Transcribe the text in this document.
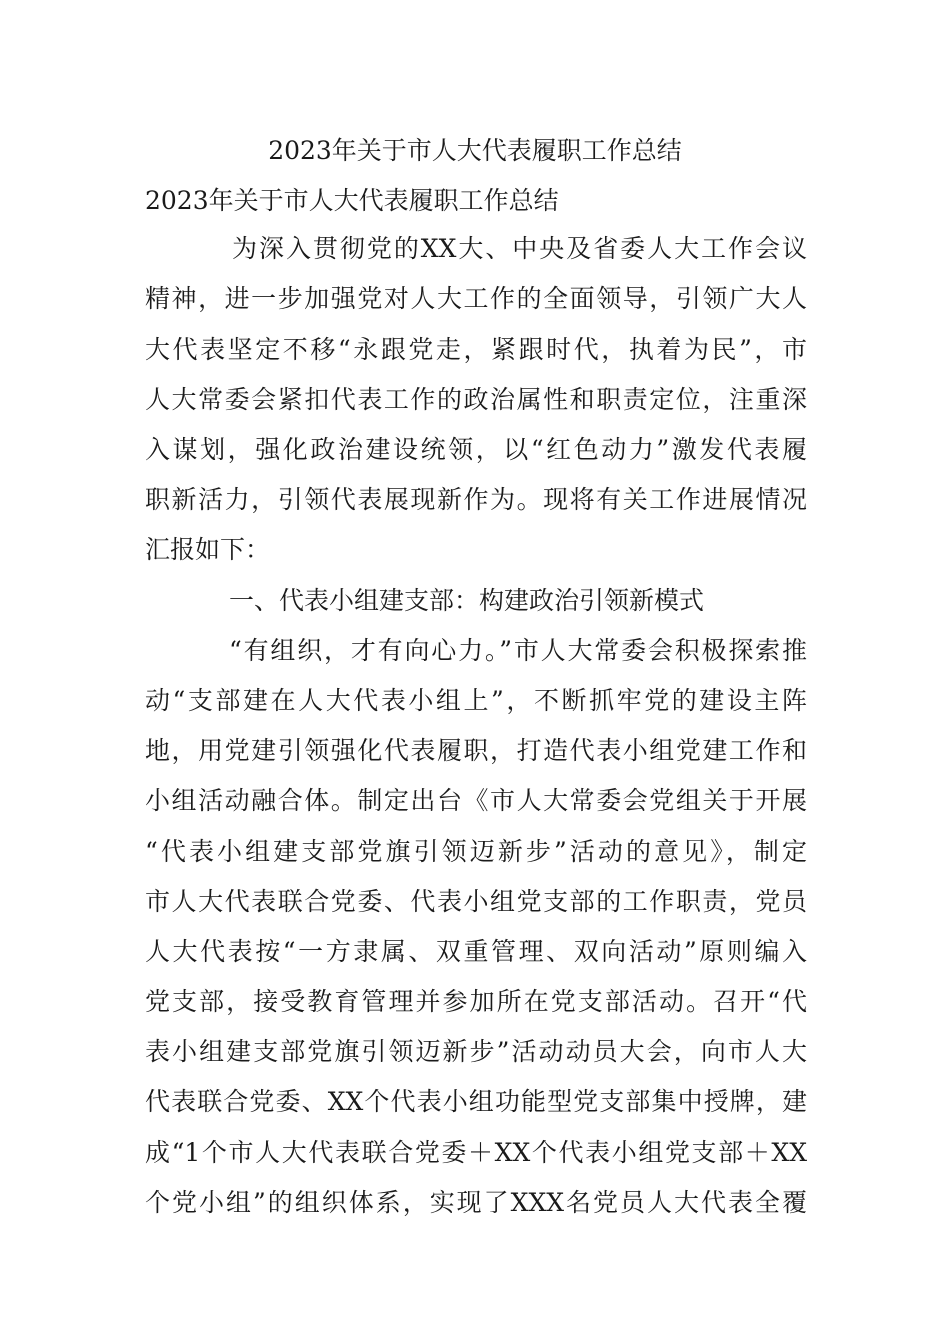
2023年关于市人大代表履职工作总结
2023年关于市人大代表履职工作总结
为深入贯彻党的XX大、中央及省委人大工作会议
精神，进一步加强党对人大工作的全面领导，引领广大人
大代表坚定不移“永跟党走，紧跟时代，执着为民”，市
人大常委会紧扣代表工作的政治属性和职责定位，注重深
入谋划，强化政治建设统领，以“红色动力”激发代表履
职新活力，引领代表展现新作为。现将有关工作进展情况
汇报如下：
一、代表小组建支部：构建政治引领新模式
“有组织，才有向心力。”市人大常委会积极探索推
动“支部建在人大代表小组上”，不断抓牢党的建设主阵
地，用党建引领强化代表履职，打造代表小组党建工作和
小组活动融合体。制定出台《市人大常委会党组关于开展
“代表小组建支部党旗引领迈新步”活动的意见》，制定
市人大代表联合党委、代表小组党支部的工作职责，党员
人大代表按“一方隶属、双重管理、双向活动”原则编入
党支部，接受教育管理并参加所在党支部活动。召开“代
表小组建支部党旗引领迈新步”活动动员大会，向市人大
代表联合党委、XX个代表小组功能型党支部集中授牌，建
成“1个市人大代表联合党委＋XX个代表小组党支部＋XX
个党小组”的组织体系，实现了XXX名党员人大代表全覆
